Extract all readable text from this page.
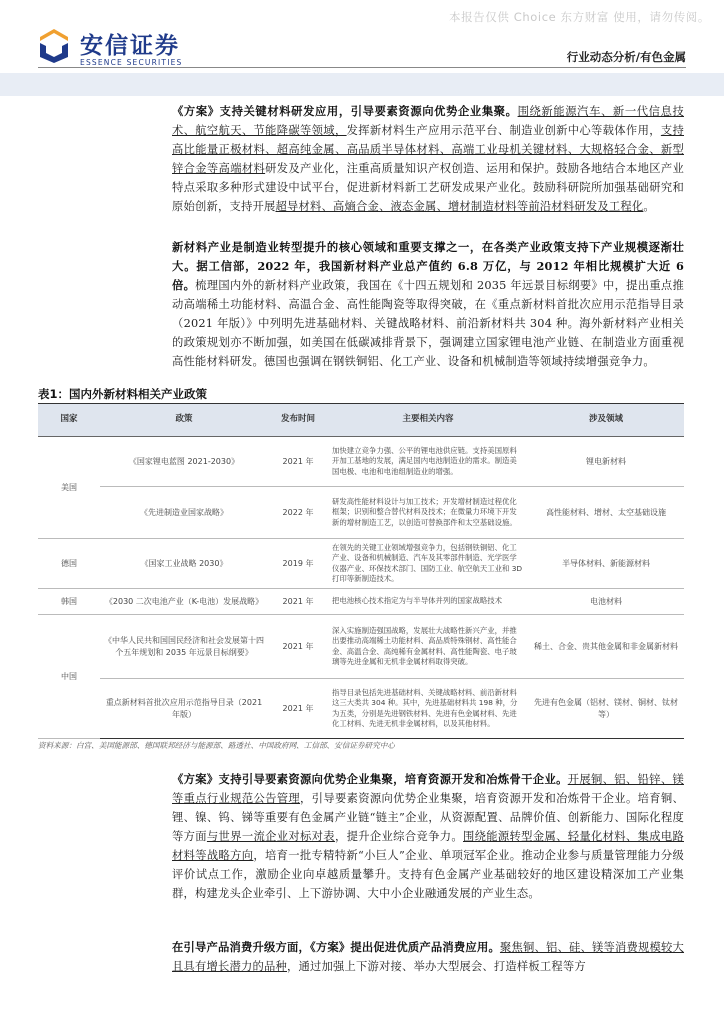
本报告仅供 Choice 东方财富 使用，请勿传阅。
安信证券
ESSENCE SECURITIES	行业动态分析/有色金属
《方案》支持关键材料研发应用，引导要素资源向优势企业集聚。围绕新能源汽车、新一代信息技术、航空航天、节能降碳等领域，发挥新材料生产应用示范平台、制造业创新中心等载体作用，支持高比能量正极材料、超高纯金属、高品质半导体材料、高端工业母机关键材料、大规格轻合金、新型锌合金等高端材料研发及产业化，注重高质量知识产权创造、运用和保护。鼓励各地结合本地区产业特点采取多种形式建设中试平台，促进新材料新工艺研发成果产业化。鼓励科研院所加强基础研究和原始创新，支持开展超导材料、高熵合金、液态金属、增材制造材料等前沿材料研发及工程化。
新材料产业是制造业转型提升的核心领域和重要支撑之一，在各类产业政策支持下产业规模逐渐壮大。据工信部，2022 年，我国新材料产业总产值约 6.8 万亿，与 2012 年相比规模扩大近 6 倍。梳理国内外的新材料产业政策，我国在《十四五规划和 2035 年远景目标纲要》中，提出重点推动高端稀土功能材料、高温合金、高性能陶瓷等取得突破，在《重点新材料首批次应用示范指导目录（2021 年版）》中列明先进基础材料、关键战略材料、前沿新材料共 304 种。海外新材料产业相关的政策规划亦不断加强，如美国在低碳减排背景下，强调建立国家锂电池产业链、在制造业方面重视高性能材料研发。德国也强调在钢铁铜铝、化工产业、设备和机械制造等领域持续增强竞争力。
表1：国内外新材料相关产业政策
国家	政策	发布时间	主要相关内容	涉及领域
美国	《国家锂电蓝图 2021-2030》	2021 年	加快建立竞争力强、公平的锂电池供应链。支持美国原料开加工基地的发展，满足国内电池制造业的需求。制造美国电极、电池和电池组制造业的增强。	锂电新材料
	《先进制造业国家战略》	2022 年	研发高性能材料设计与加工技术；开发增材制造过程优化框架；识别和整合替代材料及技术；在微量力环境下开发新的增材制造工艺，以创造可替换部件和太空基础设施。	高性能材料、增材、太空基础设施
德国	《国家工业战略 2030》	2019 年	在领先的关键工业领域增强竞争力，包括钢铁铜铝、化工产业、设备和机械制造、汽车及其零部件制造、光学医学仪器产业、环保技术部门、国防工业、航空航天工业和 3D 打印等新制造技术。	半导体材料、新能源材料
韩国	《2030 二次电池产业（K-电池）发展战略》	2021 年	把电池核心技术指定为与半导体并列的国家战略技术	电池材料
中国	《中华人民共和国国民经济和社会发展第十四个五年规划和 2035 年远景目标纲要》	2021 年	深入实施制造强国战略，发展壮大战略性新兴产业，并推出要推动高端稀土功能材料、高品质特殊钢材、高性能合金、高温合金、高纯稀有金属材料、高性能陶瓷、电子玻璃等先进金属和无机非金属材料取得突破。	稀土、合金、贵其他金属和非金属新材料
	重点新材料首批次应用示范指导目录（2021 年版）	2021 年	指导目录包括先进基础材料、关键战略材料、前沿新材料这三大类共 304 种。其中，先进基础材料共 198 种，分为五类，分别是先进钢铁材料、先进有色金属材料、先进化工材料、先进无机非金属材料，以及其他材料。	先进有色金属（铝材、镁材、铜材、钛材等）
资料来源：白宫、美国能源部、德国联邦经济与能源部、路透社、中国政府网、工信部、安信证券研究中心
《方案》支持引导要素资源向优势企业集聚，培育资源开发和冶炼骨干企业。开展铜、铝、铅锌、镁等重点行业规范公告管理，引导要素资源向优势企业集聚，培育资源开发和冶炼骨干企业。培育铜、锂、镍、钨、锑等重要有色金属产业链“链主”企业，从资源配置、品牌价值、创新能力、国际化程度等方面与世界一流企业对标对表，提升企业综合竞争力。围绕能源转型金属、轻量化材料、集成电路材料等战略方向，培育一批专精特新“小巨人”企业、单项冠军企业。推动企业参与质量管理能力分级评价试点工作，激励企业向卓越质量攀升。支持有色金属产业基础较好的地区建设精深加工产业集群，构建龙头企业牵引、上下游协调、大中小企业融通发展的产业生态。
在引导产品消费升级方面，《方案》提出促进优质产品消费应用。聚焦铜、铝、硅、镁等消费规模较大且具有增长潜力的品种，通过加强上下游对接、举办大型展会、打造样板工程等方
